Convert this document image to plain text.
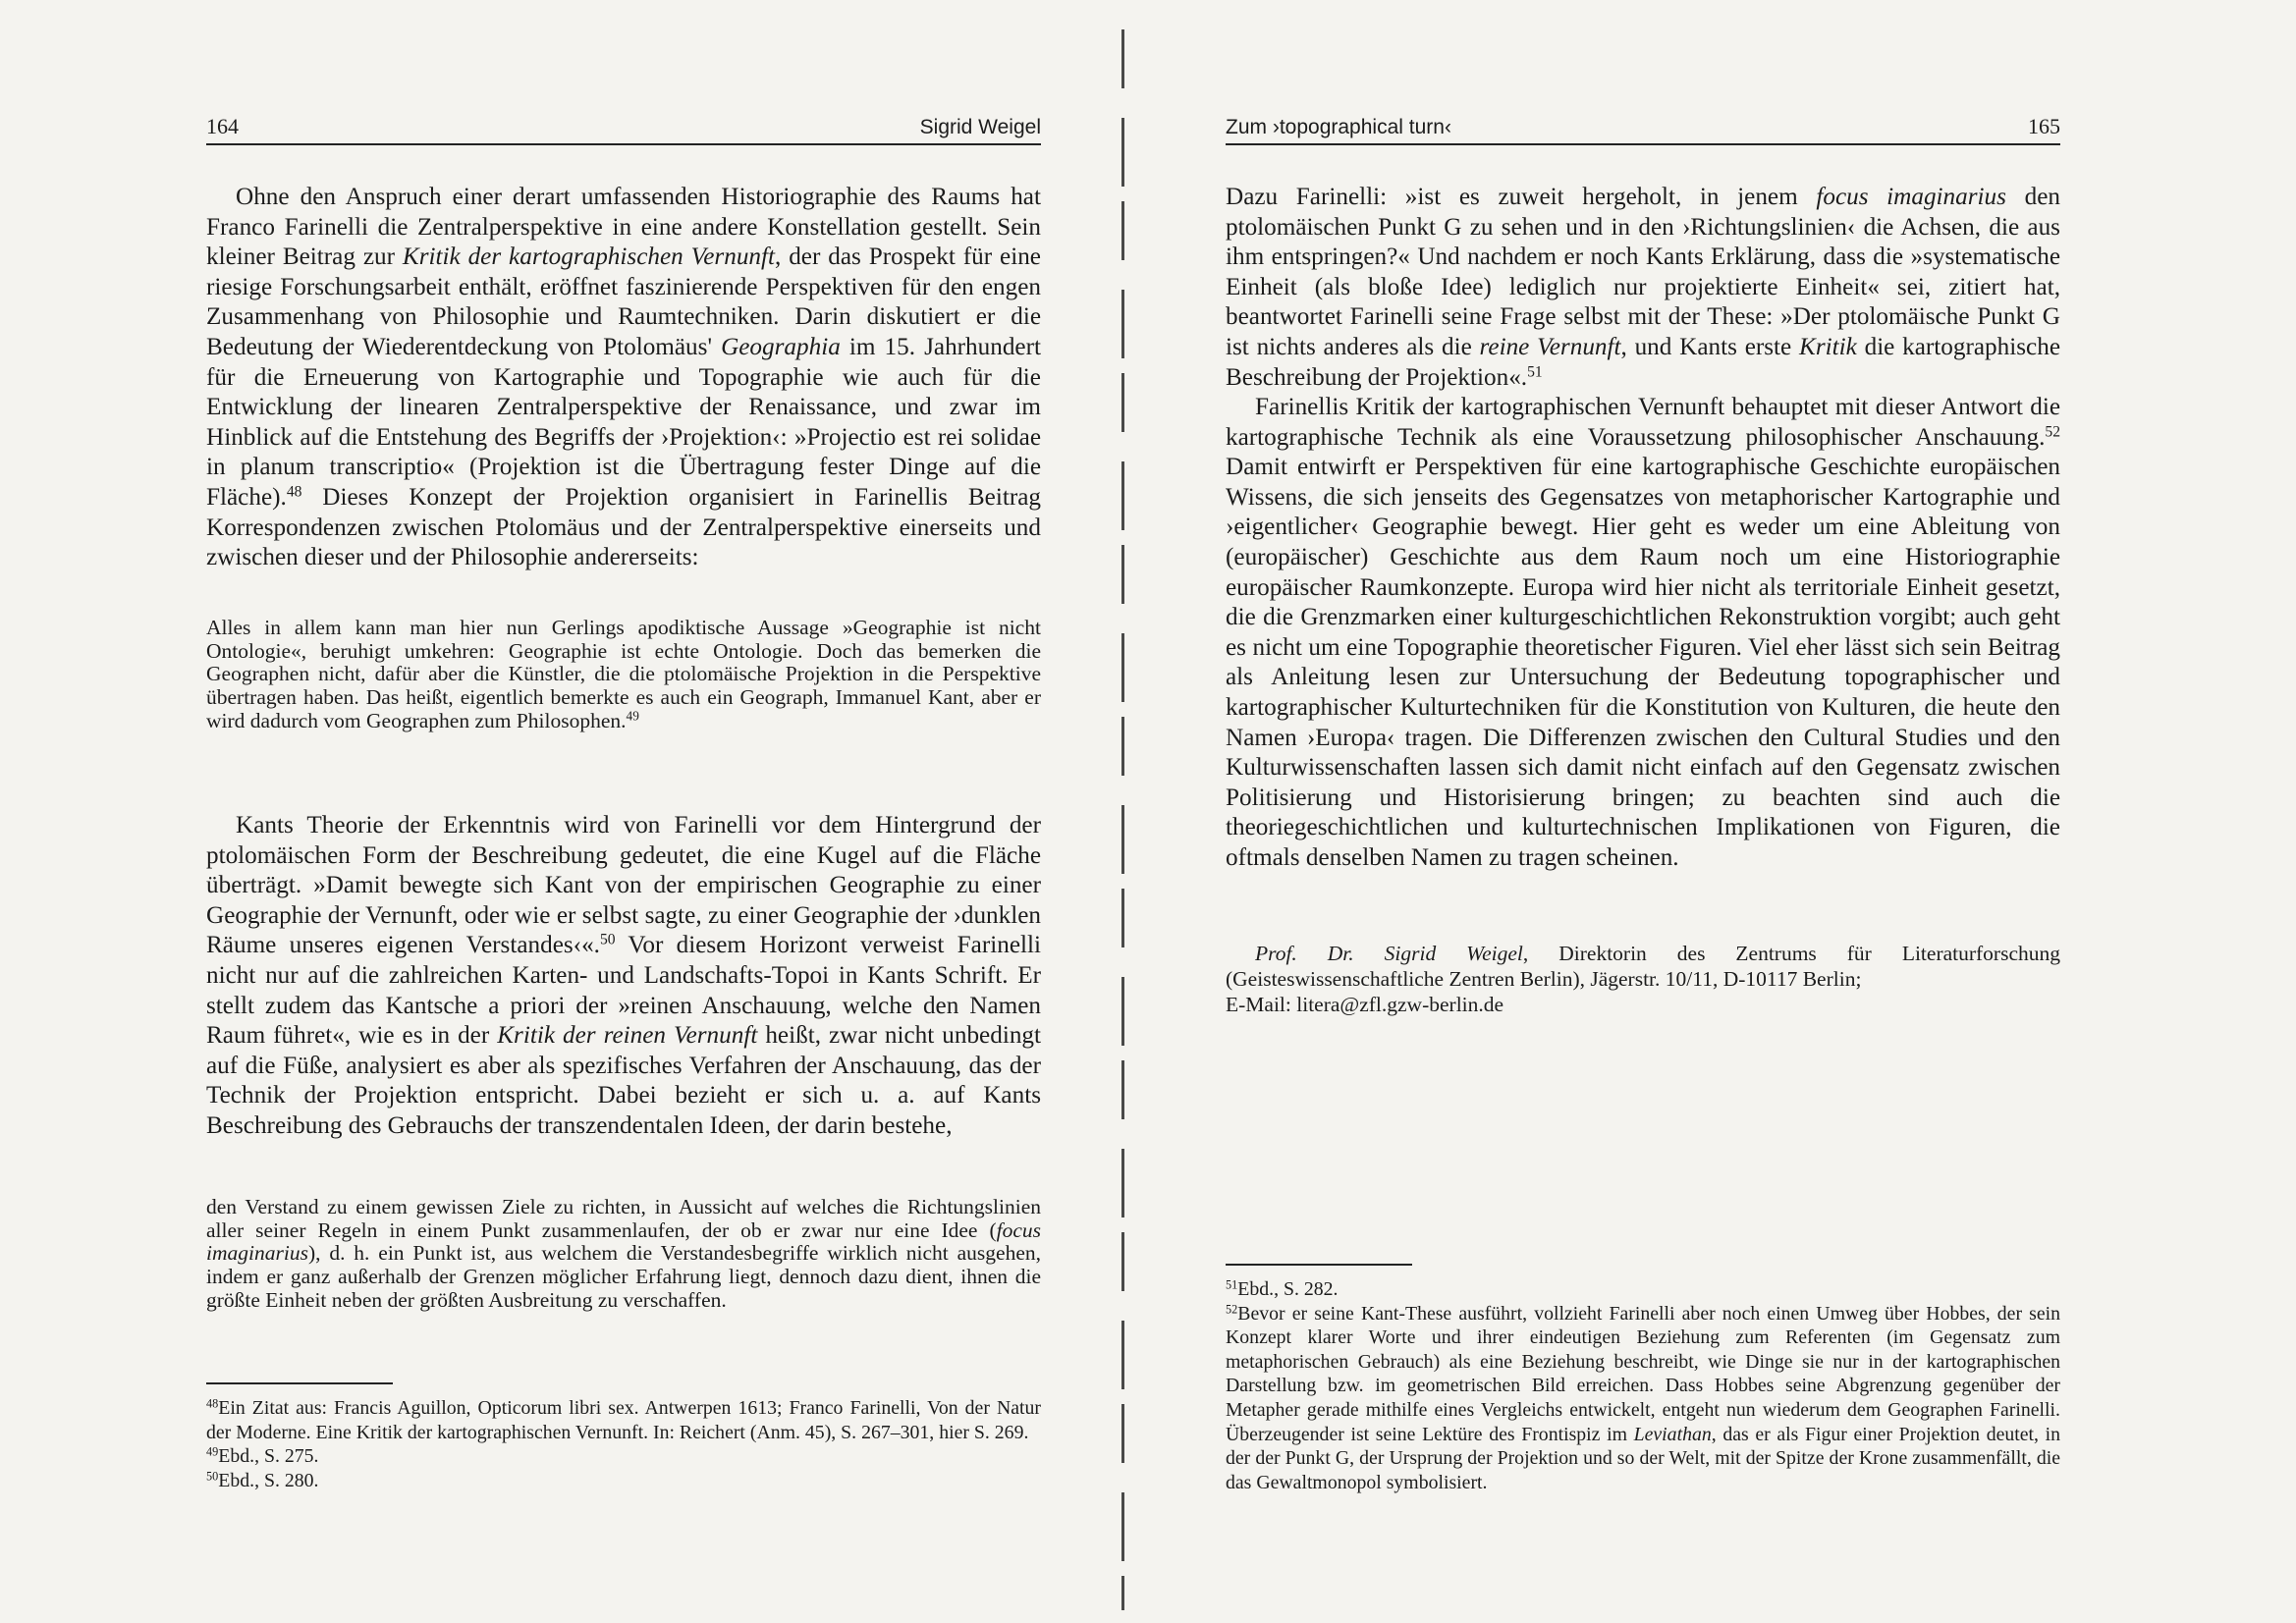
164	Sigrid Weigel

Ohne den Anspruch einer derart umfassenden Historiographie des Raums hat Franco Farinelli die Zentralperspektive in eine andere Konstellation gestellt. Sein kleiner Beitrag zur Kritik der kartographischen Vernunft, der das Prospekt für eine riesige Forschungsarbeit enthält, eröffnet faszinierende Perspektiven für den engen Zusammenhang von Philosophie und Raumtechniken. Darin diskutiert er die Bedeutung der Wiederentdeckung von Ptolomäus' Geographia im 15. Jahrhundert für die Erneuerung von Kartographie und Topographie wie auch für die Entwicklung der linearen Zentralperspektive der Renaissance, und zwar im Hinblick auf die Entstehung des Begriffs der ›Projektion‹: »Projectio est rei solidae in planum transcriptio« (Projektion ist die Übertragung fester Dinge auf die Fläche).$^{48}$ Dieses Konzept der Projektion organisiert in Farinellis Beitrag Korrespondenzen zwischen Ptolomäus und der Zentralperspektive einerseits und zwischen dieser und der Philosophie andererseits:

Alles in allem kann man hier nun Gerlings apodiktische Aussage »Geographie ist nicht Ontologie«, beruhigt umkehren: Geographie ist echte Ontologie. Doch das bemerken die Geographen nicht, dafür aber die Künstler, die die ptolomäische Projektion in die Perspektive übertragen haben. Das heißt, eigentlich bemerkte es auch ein Geograph, Immanuel Kant, aber er wird dadurch vom Geographen zum Philosophen.$^{49}$

Kants Theorie der Erkenntnis wird von Farinelli vor dem Hintergrund der ptolomäischen Form der Beschreibung gedeutet, die eine Kugel auf die Fläche überträgt. »Damit bewegte sich Kant von der empirischen Geographie zu einer Geographie der Vernunft, oder wie er selbst sagte, zu einer Geographie der ›dunklen Räume unseres eigenen Verstandes‹«.$^{50}$ Vor diesem Horizont verweist Farinelli nicht nur auf die zahlreichen Karten- und Landschafts-Topoi in Kants Schrift. Er stellt zudem das Kantsche a priori der »reinen Anschauung, welche den Namen Raum führet«, wie es in der Kritik der reinen Vernunft heißt, zwar nicht unbedingt auf die Füße, analysiert es aber als spezifisches Verfahren der Anschauung, das der Technik der Projektion entspricht. Dabei bezieht er sich u. a. auf Kants Beschreibung des Gebrauchs der transzendentalen Ideen, der darin bestehe,

den Verstand zu einem gewissen Ziele zu richten, in Aussicht auf welches die Richtungslinien aller seiner Regeln in einem Punkt zusammenlaufen, der ob er zwar nur eine Idee (focus imaginarius), d. h. ein Punkt ist, aus welchem die Verstandesbegriffe wirklich nicht ausgehen, indem er ganz außerhalb der Grenzen möglicher Erfahrung liegt, dennoch dazu dient, ihnen die größte Einheit neben der größten Ausbreitung zu verschaffen.

$^{48}$Ein Zitat aus: Francis Aguillon, Opticorum libri sex. Antwerpen 1613; Franco Farinelli, Von der Natur der Moderne. Eine Kritik der kartographischen Vernunft. In: Reichert (Anm. 45), S. 267–301, hier S. 269.

$^{49}$Ebd., S. 275.

$^{50}$Ebd., S. 280.

Zum ›topographical turn‹	165

Dazu Farinelli: »ist es zuweit hergeholt, in jenem focus imaginarius den ptolomäischen Punkt G zu sehen und in den ›Richtungslinien‹ die Achsen, die aus ihm entspringen?« Und nachdem er noch Kants Erklärung, dass die »systematische Einheit (als bloße Idee) lediglich nur projektierte Einheit« sei, zitiert hat, beantwortet Farinelli seine Frage selbst mit der These: »Der ptolomäische Punkt G ist nichts anderes als die reine Vernunft, und Kants erste Kritik die kartographische Beschreibung der Projektion«.$^{51}$

Farinellis Kritik der kartographischen Vernunft behauptet mit dieser Antwort die kartographische Technik als eine Voraussetzung philosophischer Anschauung.$^{52}$ Damit entwirft er Perspektiven für eine kartographische Geschichte europäischen Wissens, die sich jenseits des Gegensatzes von metaphorischer Kartographie und ›eigentlicher‹ Geographie bewegt. Hier geht es weder um eine Ableitung von (europäischer) Geschichte aus dem Raum noch um eine Historiographie europäischer Raumkonzepte. Europa wird hier nicht als territoriale Einheit gesetzt, die die Grenzmarken einer kulturgeschichtlichen Rekonstruktion vorgibt; auch geht es nicht um eine Topographie theoretischer Figuren. Viel eher lässt sich sein Beitrag als Anleitung lesen zur Untersuchung der Bedeutung topographischer und kartographischer Kulturtechniken für die Konstitution von Kulturen, die heute den Namen ›Europa‹ tragen. Die Differenzen zwischen den Cultural Studies und den Kulturwissenschaften lassen sich damit nicht einfach auf den Gegensatz zwischen Politisierung und Historisierung bringen; zu beachten sind auch die theoriegeschichtlichen und kulturtechnischen Implikationen von Figuren, die oftmals denselben Namen zu tragen scheinen.

Prof. Dr. Sigrid Weigel, Direktorin des Zentrums für Literaturforschung (Geisteswissenschaftliche Zentren Berlin), Jägerstr. 10/11, D-10117 Berlin;
E-Mail: litera@zfl.gzw-berlin.de

$^{51}$Ebd., S. 282.

$^{52}$Bevor er seine Kant-These ausführt, vollzieht Farinelli aber noch einen Umweg über Hobbes, der sein Konzept klarer Worte und ihrer eindeutigen Beziehung zum Referenten (im Gegensatz zum metaphorischen Gebrauch) als eine Beziehung beschreibt, wie Dinge sie nur in der kartographischen Darstellung bzw. im geometrischen Bild erreichen. Dass Hobbes seine Abgrenzung gegenüber der Metapher gerade mithilfe eines Vergleichs entwickelt, entgeht nun wiederum dem Geographen Farinelli. Überzeugender ist seine Lektüre des Frontispiz im Leviathan, das er als Figur einer Projektion deutet, in der der Punkt G, der Ursprung der Projektion und so der Welt, mit der Spitze der Krone zusammenfällt, die das Gewaltmonopol symbolisiert.
